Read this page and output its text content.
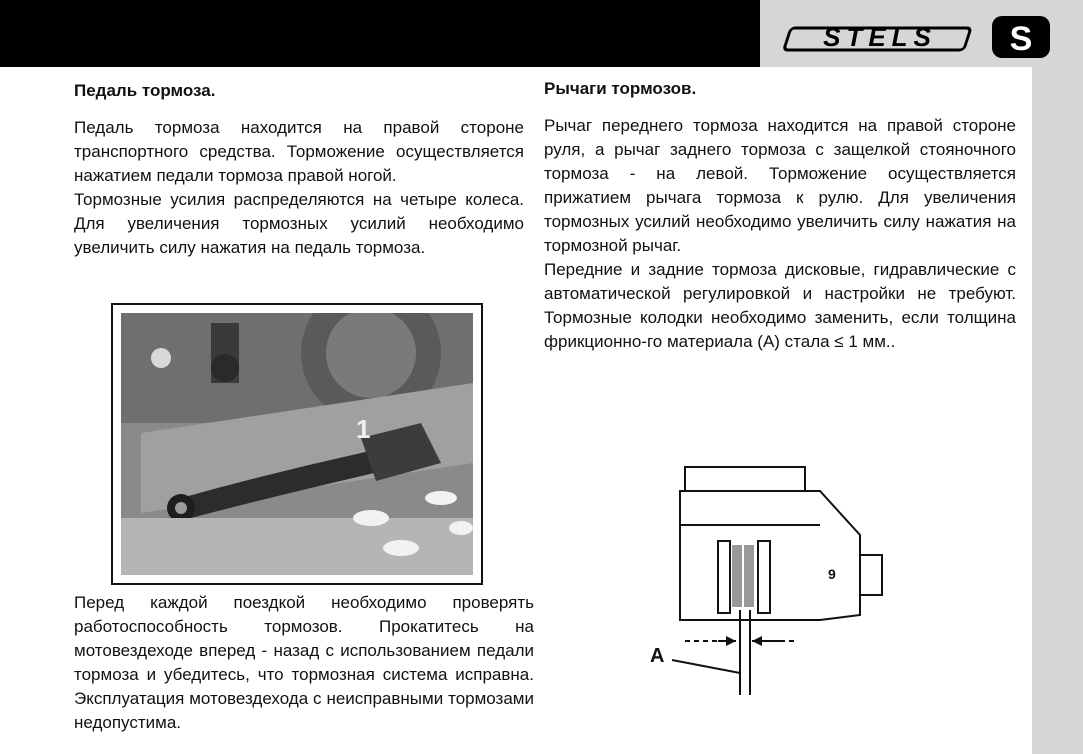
STELS S
Педаль тормоза.

Педаль тормоза находится на правой стороне транспортного средства. Торможение осуществляется нажатием педали тормоза правой ногой.

Тормозные усилия распределяются на четыре колеса. Для увеличения тормозных усилий необходимо увеличить силу нажатия на педаль тормоза.

1

Перед каждой поездкой необходимо проверять работоспособность тормозов. Прокатитесь на мотовездеходе вперед - назад с использованием педали тормоза и убедитесь, что тормозная система исправна. Эксплуатация мотовездехода с неисправными тормозами недопустима.

Рычаги тормозов.

Рычаг переднего тормоза находится на правой стороне руля, а рычаг заднего тормоза с защелкой стояночного тормоза - на левой. Торможение осуществляется прижатием рычага тормоза к рулю. Для увеличения тормозных усилий необходимо увеличить силу нажатия на тормозной рычаг.

Передние и задние тормоза дисковые, гидравлические с автоматической регулировкой и настройки не требуют. Тормозные колодки необходимо заменить, если толщина фрикционно-го материала (А) стала ≤ 1 мм..

9
A
